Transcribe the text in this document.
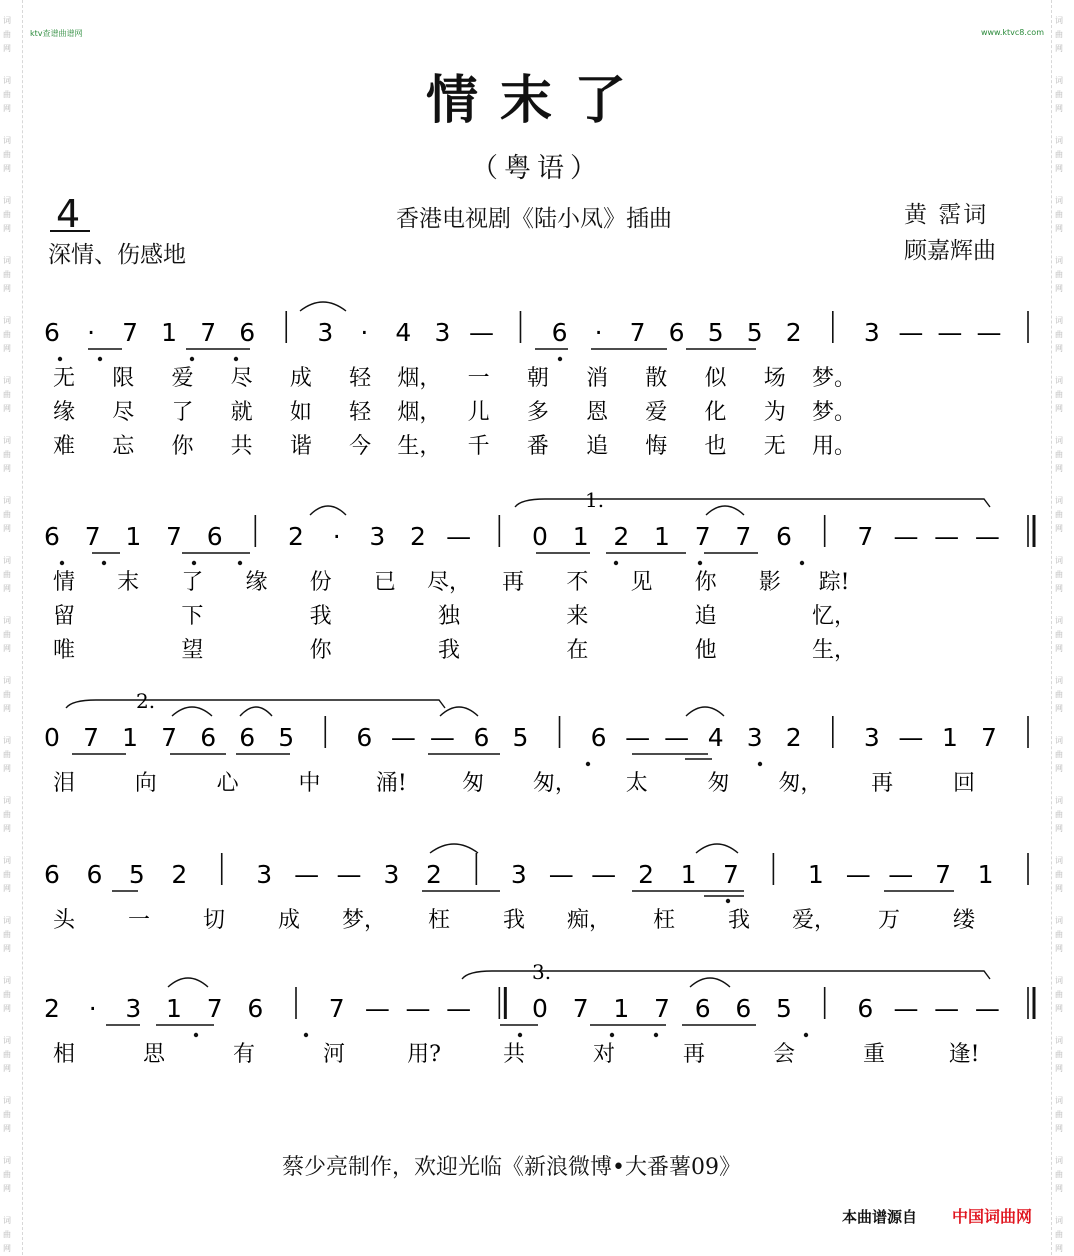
词曲网
词曲网
词曲网
词曲网
词曲网
词曲网
词曲网
词曲网
词曲网
词曲网
词曲网
词曲网
词曲网
词曲网
词曲网
词曲网
词曲网
词曲网
词曲网
词曲网
词曲网
词曲网
词曲网
词曲网
词曲网
词曲网
词曲网
词曲网
词曲网
词曲网
词曲网
词曲网
词曲网
词曲网
词曲网
词曲网
词曲网
词曲网
词曲网
词曲网
词曲网
词曲网
ktv查谱曲谱网	www.ktvc8.com
情末了
（粤语）
4
深情、伤感地
香港电视剧《陆小凤》插曲	黄 霑词
顾嘉辉曲
1.
2.
3.
6 · 7 1 7 6 3 · 4 3 — 6 · 7 6 5 5 2 3 — — —
无 限 爱 尽 成 轻 烟， 一 朝 消 散 似 场 梦。
缘 尽 了 就 如 轻 烟， 儿 多 恩 爱 化 为 梦。
难 忘 你 共 谐 今 生， 千 番 追 悔 也 无 用。
6 7 1 7 6	2 · 3 2 — 0 1 2 1 7 7 6	7 — — —
情 末 了 缘 份 已 尽， 再 不 见 你 影 踪!
留	下	我	独	来	追	忆，
唯	望	你	我	在	他	生，
0 7 1 7 6 6 5 6 — — 6 5 6 — — 4 3 2 3 — 1 7
泪	向	心	中	涌!	匆 匆， 太	匆 匆， 再	回
6 6 5 2	3 — — 3 2	3 — — 2 1 7	1 — — 7 1
头 一 切 成 梦， 枉 我 痴， 枉 我 爱， 万 缕
2 · 3 1 7 6	7 — — — 0 7 1 7 6 6 5	6 — — —
相	思	有	河	用?	共	对	再	会	重	逢!
蔡少亮制作，欢迎光临《新浪微博•大番薯09》
本曲谱源自 中国词曲网
